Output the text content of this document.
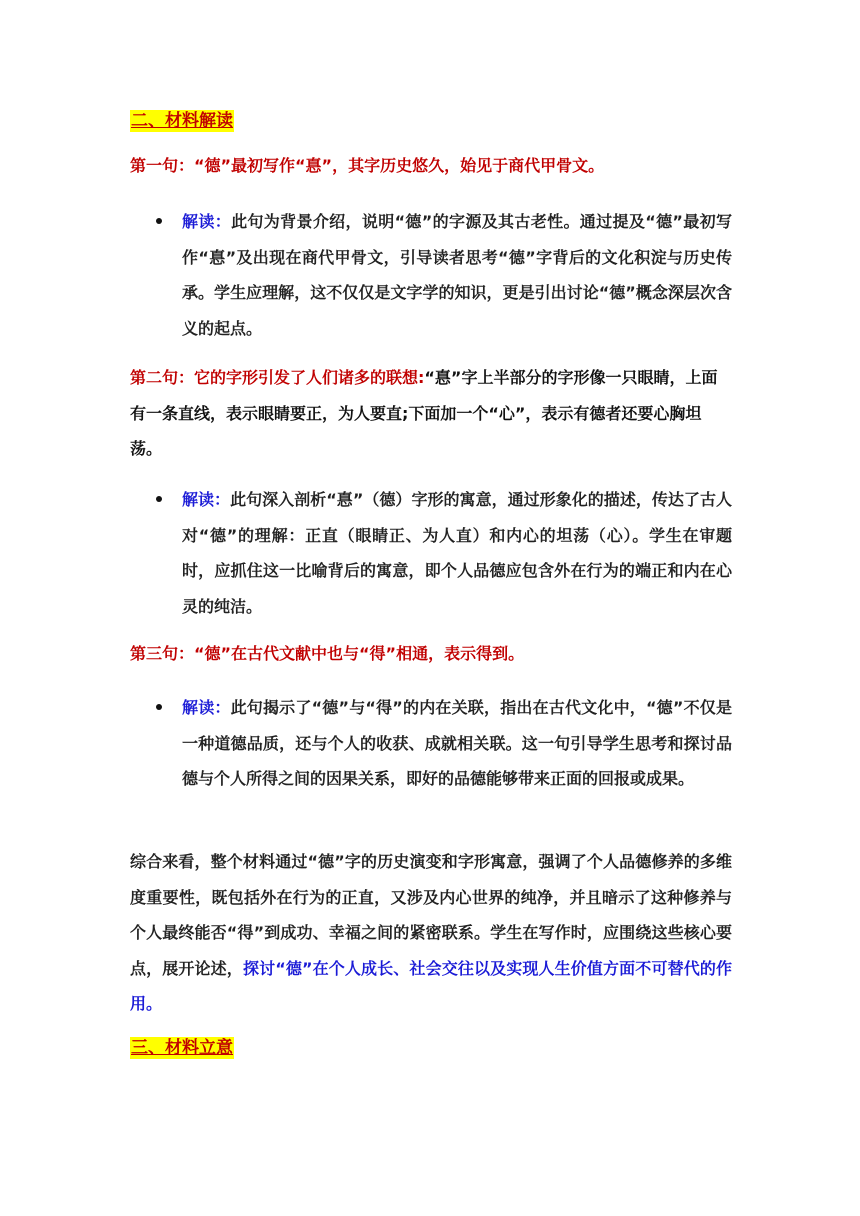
二、材料解读
第一句：“德”最初写作“惪”，其字历史悠久，始见于商代甲骨文。
解读：此句为背景介绍，说明“德”的字源及其古老性。通过提及“德”最初写作“惪”及出现在商代甲骨文，引导读者思考“德”字背后的文化积淀与历史传承。学生应理解，这不仅仅是文字学的知识，更是引出讨论“德”概念深层次含义的起点。
第二句：它的字形引发了人们诸多的联想:“惪”字上半部分的字形像一只眼睛，上面有一条直线，表示眼睛要正，为人要直;下面加一个“心”，表示有德者还要心胸坦荡。
解读：此句深入剖析“惪”（德）字形的寓意，通过形象化的描述，传达了古人对“德”的理解：正直（眼睛正、为人直）和内心的坦荡（心）。学生在审题时，应抓住这一比喻背后的寓意，即个人品德应包含外在行为的端正和内在心灵的纯洁。
第三句：“德”在古代文献中也与“得”相通，表示得到。
解读：此句揭示了“德”与“得”的内在关联，指出在古代文化中，“德”不仅是一种道德品质，还与个人的收获、成就相关联。这一句引导学生思考和探讨品德与个人所得之间的因果关系，即好的品德能够带来正面的回报或成果。
综合来看，整个材料通过“德”字的历史演变和字形寓意，强调了个人品德修养的多维度重要性，既包括外在行为的正直，又涉及内心世界的纯净，并且暗示了这种修养与个人最终能否“得”到成功、幸福之间的紧密联系。学生在写作时，应围绕这些核心要点，展开论述，探讨“德”在个人成长、社会交往以及实现人生价值方面不可替代的作用。
三、材料立意
